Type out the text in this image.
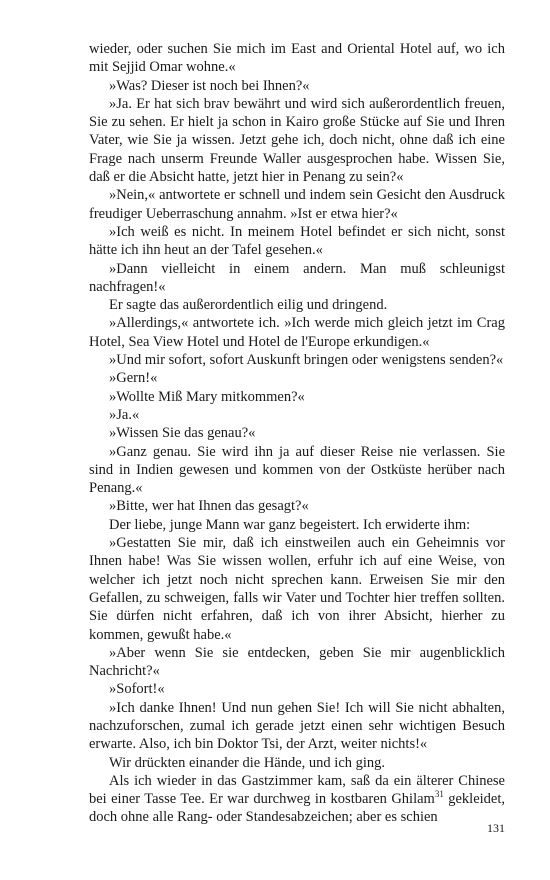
wieder, oder suchen Sie mich im East and Oriental Hotel auf, wo ich mit Sejjid Omar wohne.«

»Was? Dieser ist noch bei Ihnen?«

»Ja. Er hat sich brav bewährt und wird sich außerordentlich freuen, Sie zu sehen. Er hielt ja schon in Kairo große Stücke auf Sie und Ihren Vater, wie Sie ja wissen. Jetzt gehe ich, doch nicht, ohne daß ich eine Frage nach unserm Freunde Waller ausgesprochen habe. Wissen Sie, daß er die Absicht hatte, jetzt hier in Penang zu sein?«

»Nein,« antwortete er schnell und indem sein Gesicht den Ausdruck freudiger Ueberraschung annahm. »Ist er etwa hier?«

»Ich weiß es nicht. In meinem Hotel befindet er sich nicht, sonst hätte ich ihn heut an der Tafel gesehen.«

»Dann vielleicht in einem andern. Man muß schleunigst nachfragen!«

Er sagte das außerordentlich eilig und dringend.

»Allerdings,« antwortete ich. »Ich werde mich gleich jetzt im Crag Hotel, Sea View Hotel und Hotel de l'Europe erkundigen.«

»Und mir sofort, sofort Auskunft bringen oder wenigstens senden?«

»Gern!«

»Wollte Miß Mary mitkommen?«

»Ja.«

»Wissen Sie das genau?«

»Ganz genau. Sie wird ihn ja auf dieser Reise nie verlassen. Sie sind in Indien gewesen und kommen von der Ostküste herüber nach Penang.«

»Bitte, wer hat Ihnen das gesagt?«

Der liebe, junge Mann war ganz begeistert. Ich erwiderte ihm:

»Gestatten Sie mir, daß ich einstweilen auch ein Geheimnis vor Ihnen habe! Was Sie wissen wollen, erfuhr ich auf eine Weise, von welcher ich jetzt noch nicht sprechen kann. Erweisen Sie mir den Gefallen, zu schweigen, falls wir Vater und Tochter hier treffen sollten. Sie dürfen nicht erfahren, daß ich von ihrer Absicht, hierher zu kommen, gewußt habe.«

»Aber wenn Sie sie entdecken, geben Sie mir augenblicklich Nachricht?«

»Sofort!«

»Ich danke Ihnen! Und nun gehen Sie! Ich will Sie nicht abhalten, nachzuforschen, zumal ich gerade jetzt einen sehr wichtigen Besuch erwarte. Also, ich bin Doktor Tsi, der Arzt, weiter nichts!«

Wir drückten einander die Hände, und ich ging.

Als ich wieder in das Gastzimmer kam, saß da ein älterer Chinese bei einer Tasse Tee. Er war durchweg in kostbaren Ghilam$^{31}$ gekleidet, doch ohne alle Rang- oder Standesabzeichen; aber es schien

131
